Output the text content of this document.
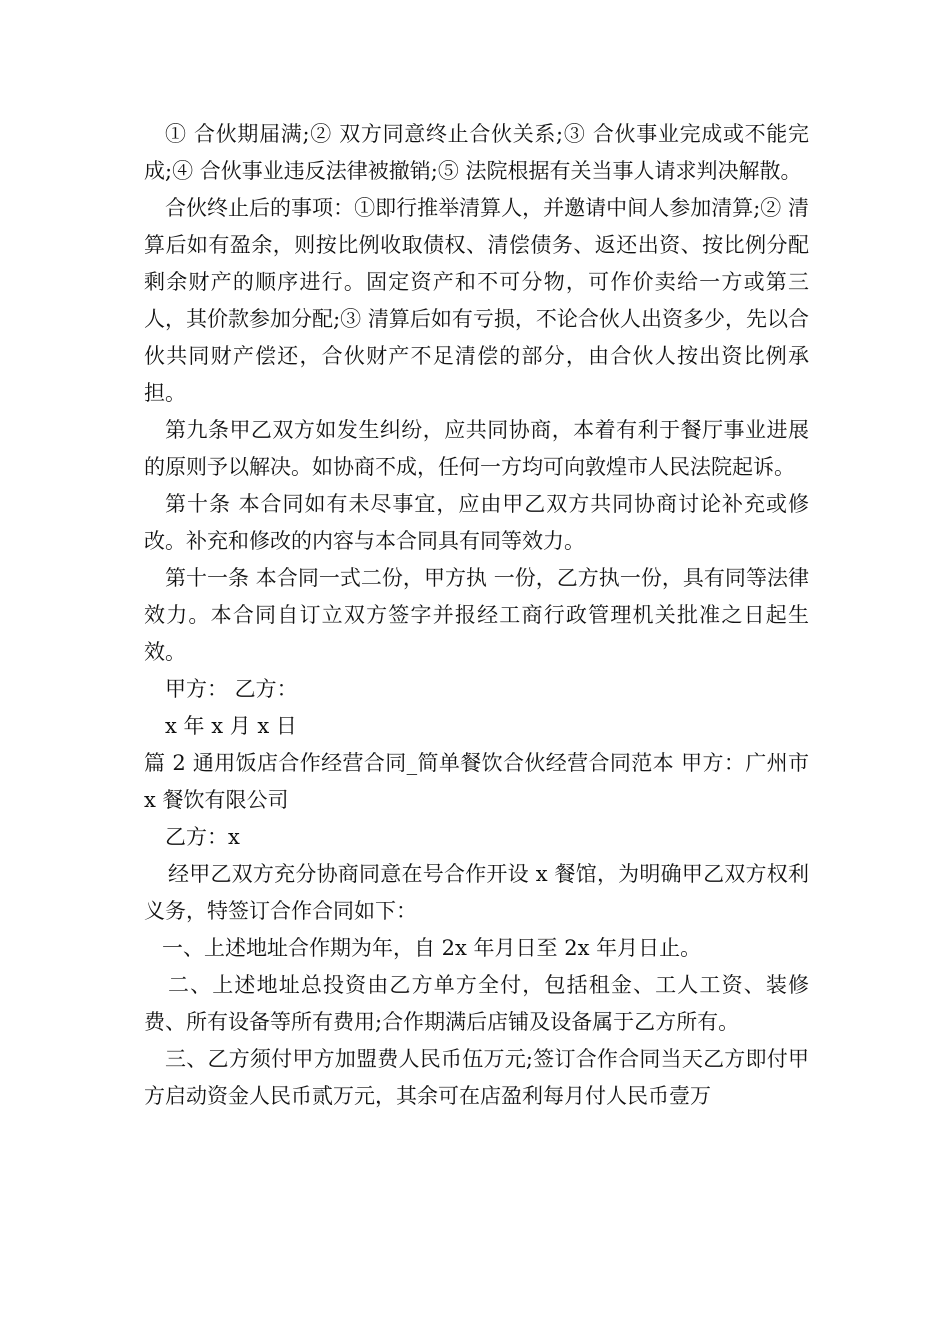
① 合伙期届满;② 双方同意终止合伙关系;③ 合伙事业完成或不能完成;④ 合伙事业违反法律被撤销;⑤ 法院根据有关当事人请求判决解散。

合伙终止后的事项：①即行推举清算人，并邀请中间人参加清算;② 清算后如有盈余，则按比例收取债权、清偿债务、返还出资、按比例分配剩余财产的顺序进行。固定资产和不可分物，可作价卖给一方或第三人，其价款参加分配;③ 清算后如有亏损，不论合伙人出资多少，先以合伙共同财产偿还，合伙财产不足清偿的部分，由合伙人按出资比例承担。

第九条甲乙双方如发生纠纷，应共同协商，本着有利于餐厅事业进展的原则予以解决。如协商不成，任何一方均可向敦煌市人民法院起诉。

第十条 本合同如有未尽事宜，应由甲乙双方共同协商讨论补充或修改。补充和修改的内容与本合同具有同等效力。

第十一条 本合同一式二份，甲方执 一份，乙方执一份，具有同等法律效力。本合同自订立双方签字并报经工商行政管理机关批准之日起生效。

甲方： 乙方：

x 年 x 月 x 日

篇 2 通用饭店合作经营合同_简单餐饮合伙经营合同范本 甲方：广州市 x 餐饮有限公司

乙方：x

经甲乙双方充分协商同意在号合作开设 x 餐馆，为明确甲乙双方权利义务，特签订合作合同如下：

一、上述地址合作期为年，自 2x 年月日至 2x 年月日止。

二、上述地址总投资由乙方单方全付，包括租金、工人工资、装修费、所有设备等所有费用;合作期满后店铺及设备属于乙方所有。

三、乙方须付甲方加盟费人民币伍万元;签订合作合同当天乙方即付甲方启动资金人民币贰万元，其余可在店盈利每月付人民币壹万
